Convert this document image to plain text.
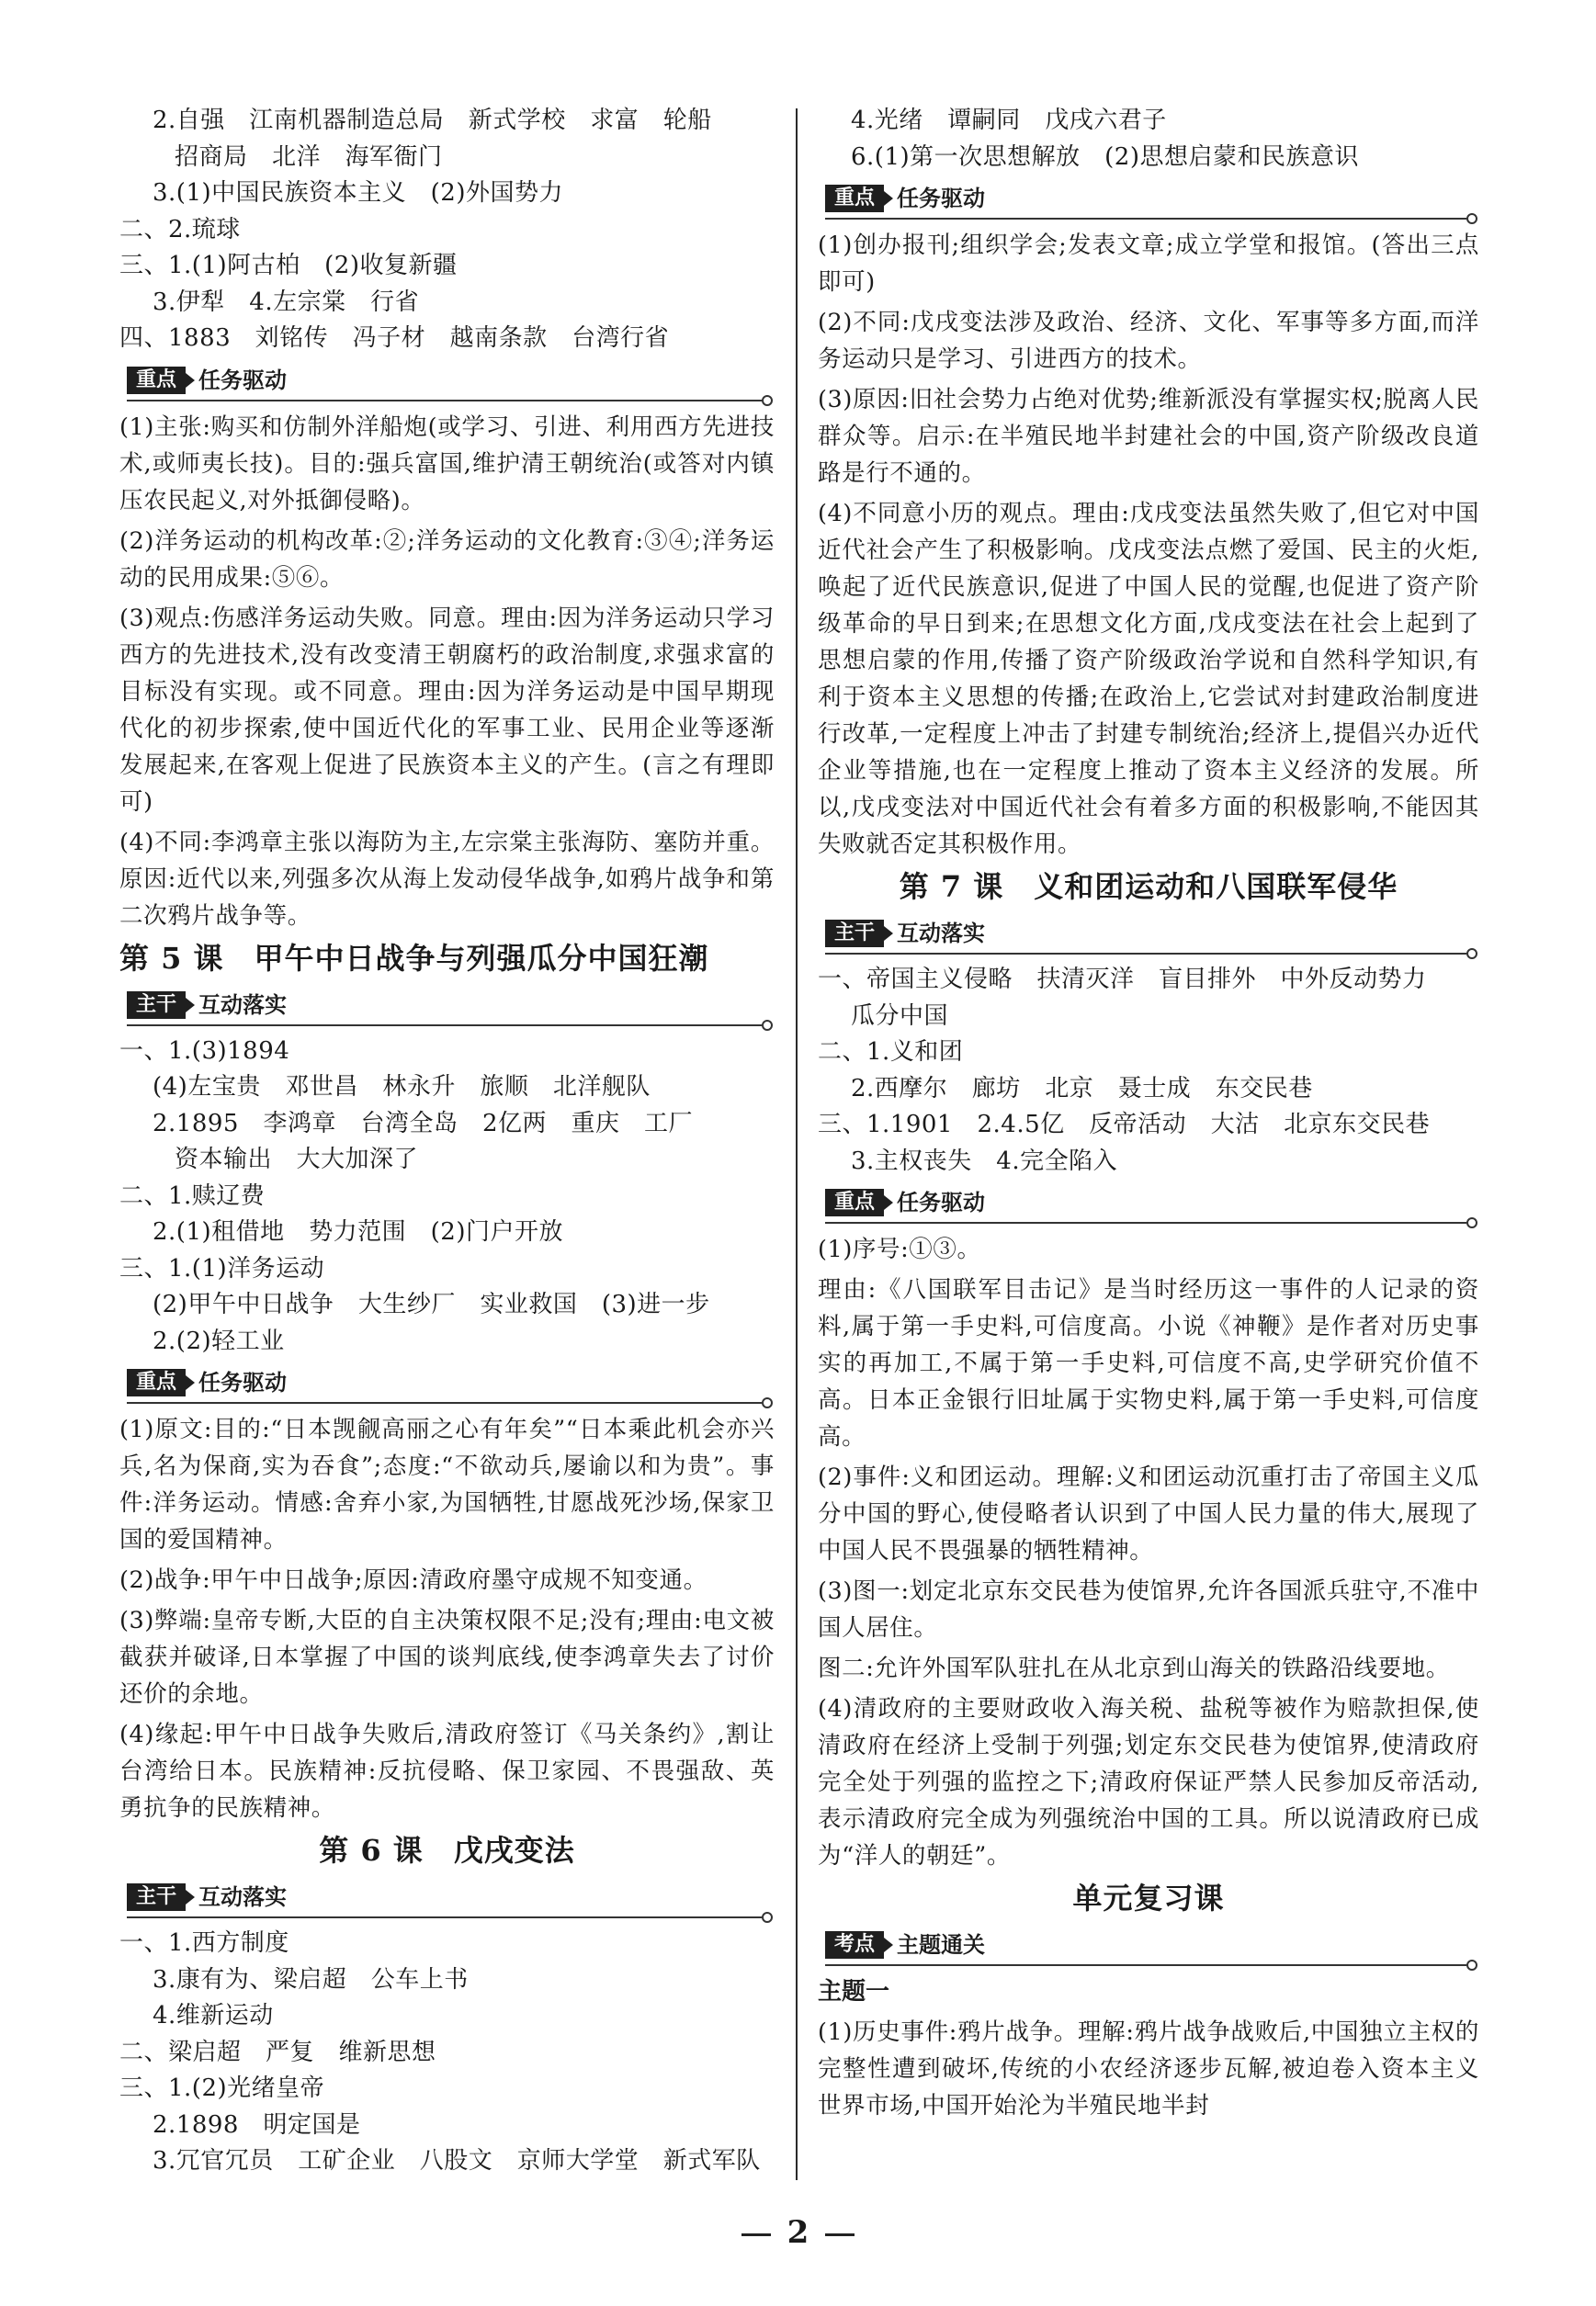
2.自强　江南机器制造总局　新式学校　求富　轮船
招商局　北洋　海军衙门
3.(1)中国民族资本主义　(2)外国势力
二、2.琉球
三、1.(1)阿古柏　(2)收复新疆
3.伊犁　4.左宗棠　行省
四、1883　刘铭传　冯子材　越南条款　台湾行省
重点 任务驱动
(1)主张:购买和仿制外洋船炮(或学习、引进、利用西方先进技术,或师夷长技)。目的:强兵富国,维护清王朝统治(或答对内镇压农民起义,对外抵御侵略)。
(2)洋务运动的机构改革:②;洋务运动的文化教育:③④;洋务运动的民用成果:⑤⑥。
(3)观点:伤感洋务运动失败。同意。理由:因为洋务运动只学习西方的先进技术,没有改变清王朝腐朽的政治制度,求强求富的目标没有实现。或不同意。理由:因为洋务运动是中国早期现代化的初步探索,使中国近代化的军事工业、民用企业等逐渐发展起来,在客观上促进了民族资本主义的产生。(言之有理即可)
(4)不同:李鸿章主张以海防为主,左宗棠主张海防、塞防并重。原因:近代以来,列强多次从海上发动侵华战争,如鸦片战争和第二次鸦片战争等。
第 5 课　甲午中日战争与列强瓜分中国狂潮
主干 互动落实
一、1.(3)1894
(4)左宝贵　邓世昌　林永升　旅顺　北洋舰队
2.1895　李鸿章　台湾全岛　2亿两　重庆　工厂
资本输出　大大加深了
二、1.赎辽费
2.(1)租借地　势力范围　(2)门户开放
三、1.(1)洋务运动
(2)甲午中日战争　大生纱厂　实业救国　(3)进一步
2.(2)轻工业
重点 任务驱动
(1)原文:目的:“日本觊觎高丽之心有年矣”“日本乘此机会亦兴兵,名为保商,实为吞食”;态度:“不欲动兵,屡谕以和为贵”。事件:洋务运动。情感:舍弃小家,为国牺牲,甘愿战死沙场,保家卫国的爱国精神。
(2)战争:甲午中日战争;原因:清政府墨守成规不知变通。
(3)弊端:皇帝专断,大臣的自主决策权限不足;没有;理由:电文被截获并破译,日本掌握了中国的谈判底线,使李鸿章失去了讨价还价的余地。
(4)缘起:甲午中日战争失败后,清政府签订《马关条约》,割让台湾给日本。民族精神:反抗侵略、保卫家园、不畏强敌、英勇抗争的民族精神。
第 6 课　戊戌变法
主干 互动落实
一、1.西方制度
3.康有为、梁启超　公车上书
4.维新运动
二、梁启超　严复　维新思想
三、1.(2)光绪皇帝
2.1898　明定国是
3.冗官冗员　工矿企业　八股文　京师大学堂　新式军队
4.光绪　谭嗣同　戊戌六君子
6.(1)第一次思想解放　(2)思想启蒙和民族意识
重点 任务驱动
(1)创办报刊;组织学会;发表文章;成立学堂和报馆。(答出三点即可)
(2)不同:戊戌变法涉及政治、经济、文化、军事等多方面,而洋务运动只是学习、引进西方的技术。
(3)原因:旧社会势力占绝对优势;维新派没有掌握实权;脱离人民群众等。启示:在半殖民地半封建社会的中国,资产阶级改良道路是行不通的。
(4)不同意小历的观点。理由:戊戌变法虽然失败了,但它对中国近代社会产生了积极影响。戊戌变法点燃了爱国、民主的火炬,唤起了近代民族意识,促进了中国人民的觉醒,也促进了资产阶级革命的早日到来;在思想文化方面,戊戌变法在社会上起到了思想启蒙的作用,传播了资产阶级政治学说和自然科学知识,有利于资本主义思想的传播;在政治上,它尝试对封建政治制度进行改革,一定程度上冲击了封建专制统治;经济上,提倡兴办近代企业等措施,也在一定程度上推动了资本主义经济的发展。所以,戊戌变法对中国近代社会有着多方面的积极影响,不能因其失败就否定其积极作用。
第 7 课　义和团运动和八国联军侵华
主干 互动落实
一、帝国主义侵略　扶清灭洋　盲目排外　中外反动势力
瓜分中国
二、1.义和团
2.西摩尔　廊坊　北京　聂士成　东交民巷
三、1.1901　2.4.5亿　反帝活动　大沽　北京东交民巷
3.主权丧失　4.完全陷入
重点 任务驱动
(1)序号:①③。
理由:《八国联军目击记》是当时经历这一事件的人记录的资料,属于第一手史料,可信度高。小说《神鞭》是作者对历史事实的再加工,不属于第一手史料,可信度不高,史学研究价值不高。日本正金银行旧址属于实物史料,属于第一手史料,可信度高。
(2)事件:义和团运动。理解:义和团运动沉重打击了帝国主义瓜分中国的野心,使侵略者认识到了中国人民力量的伟大,展现了中国人民不畏强暴的牺牲精神。
(3)图一:划定北京东交民巷为使馆界,允许各国派兵驻守,不准中国人居住。
图二:允许外国军队驻扎在从北京到山海关的铁路沿线要地。
(4)清政府的主要财政收入海关税、盐税等被作为赔款担保,使清政府在经济上受制于列强;划定东交民巷为使馆界,使清政府完全处于列强的监控之下;清政府保证严禁人民参加反帝活动,表示清政府完全成为列强统治中国的工具。所以说清政府已成为“洋人的朝廷”。
单元复习课
考点 主题通关
主题一
(1)历史事件:鸦片战争。理解:鸦片战争战败后,中国独立主权的完整性遭到破坏,传统的小农经济逐步瓦解,被迫卷入资本主义世界市场,中国开始沦为半殖民地半封
2
